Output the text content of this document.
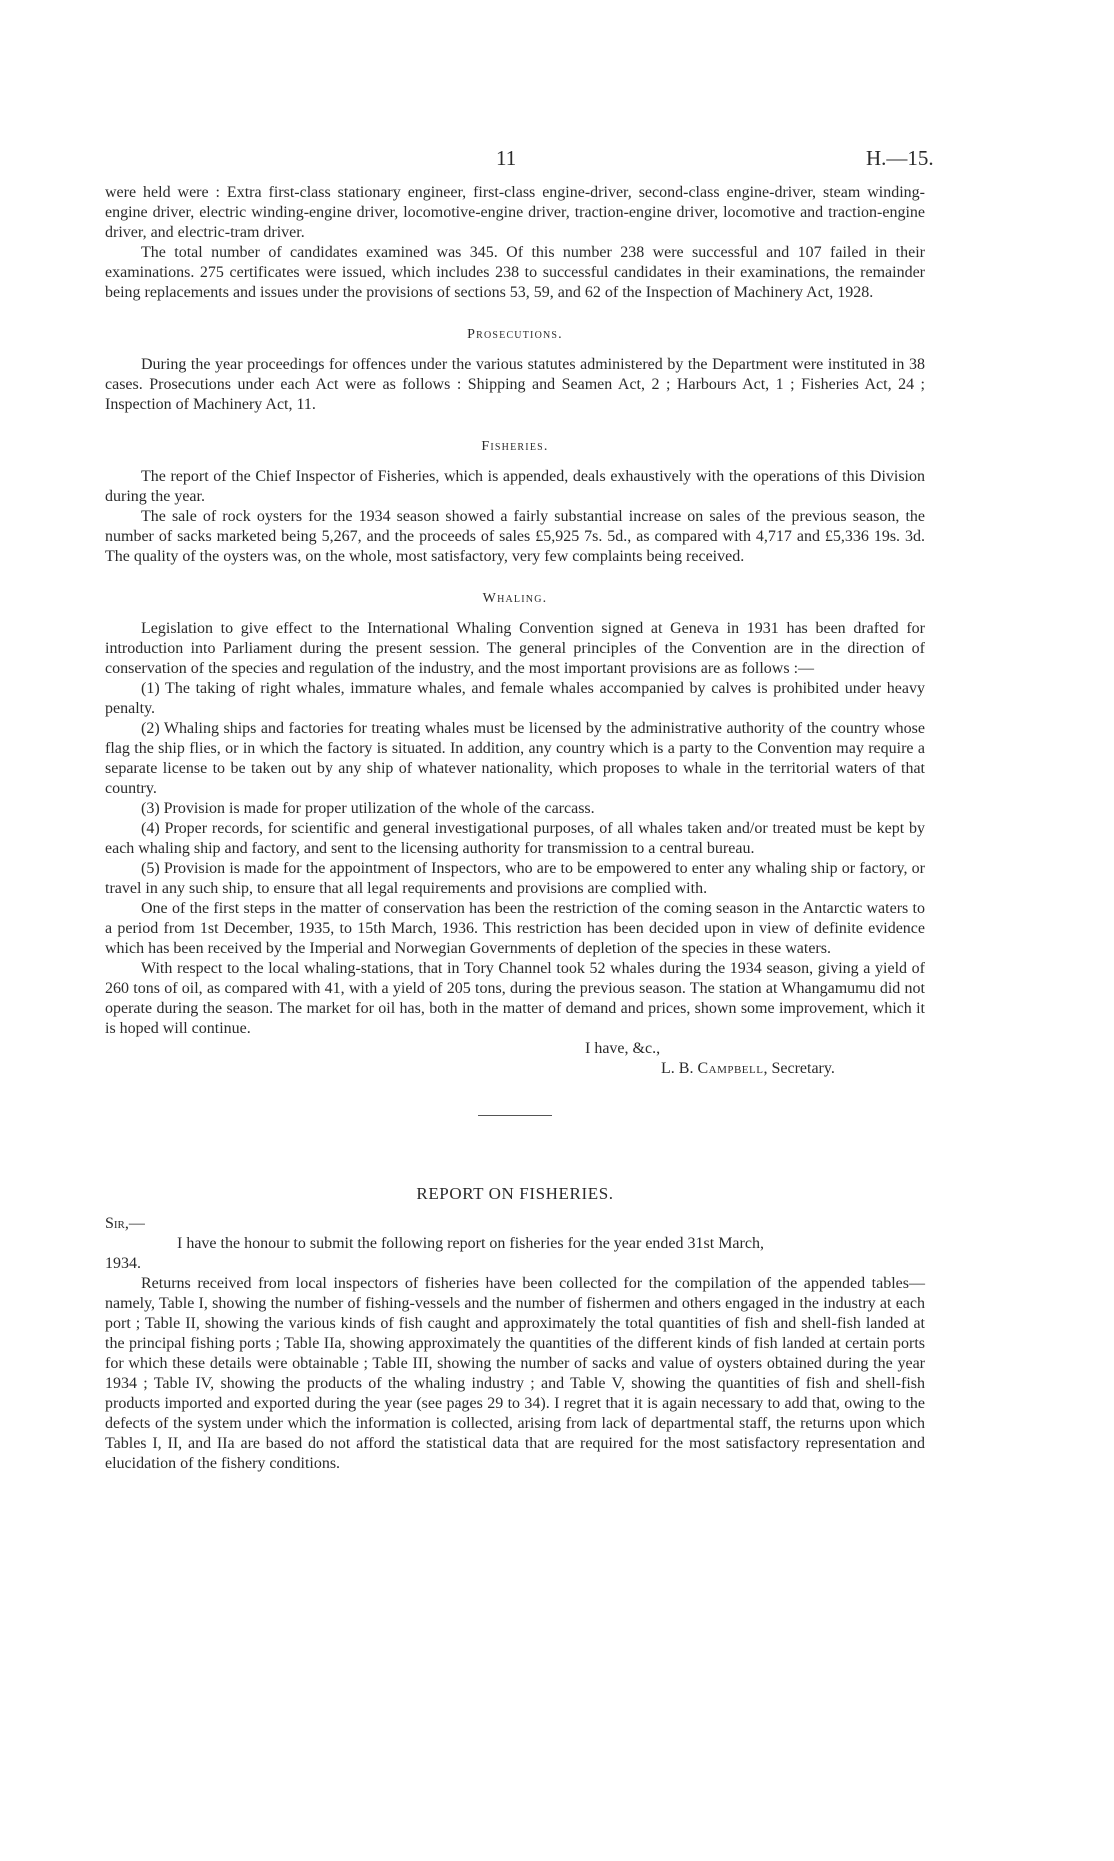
11	H.—15.

were held were : Extra first-class stationary engineer, first-class engine-driver, second-class engine-driver, steam winding-engine driver, electric winding-engine driver, locomotive-engine driver, traction-engine driver, locomotive and traction-engine driver, and electric-tram driver.

The total number of candidates examined was 345. Of this number 238 were successful and 107 failed in their examinations. 275 certificates were issued, which includes 238 to successful candidates in their examinations, the remainder being replacements and issues under the provisions of sections 53, 59, and 62 of the Inspection of Machinery Act, 1928.

Prosecutions.

During the year proceedings for offences under the various statutes administered by the Department were instituted in 38 cases. Prosecutions under each Act were as follows : Shipping and Seamen Act, 2 ; Harbours Act, 1 ; Fisheries Act, 24 ; Inspection of Machinery Act, 11.

Fisheries.

The report of the Chief Inspector of Fisheries, which is appended, deals exhaustively with the operations of this Division during the year.

The sale of rock oysters for the 1934 season showed a fairly substantial increase on sales of the previous season, the number of sacks marketed being 5,267, and the proceeds of sales £5,925 7s. 5d., as compared with 4,717 and £5,336 19s. 3d. The quality of the oysters was, on the whole, most satisfactory, very few complaints being received.

Whaling.

Legislation to give effect to the International Whaling Convention signed at Geneva in 1931 has been drafted for introduction into Parliament during the present session. The general principles of the Convention are in the direction of conservation of the species and regulation of the industry, and the most important provisions are as follows :—

(1) The taking of right whales, immature whales, and female whales accompanied by calves is prohibited under heavy penalty.

(2) Whaling ships and factories for treating whales must be licensed by the administrative authority of the country whose flag the ship flies, or in which the factory is situated. In addition, any country which is a party to the Convention may require a separate license to be taken out by any ship of whatever nationality, which proposes to whale in the territorial waters of that country.

(3) Provision is made for proper utilization of the whole of the carcass.

(4) Proper records, for scientific and general investigational purposes, of all whales taken and/or treated must be kept by each whaling ship and factory, and sent to the licensing authority for transmission to a central bureau.

(5) Provision is made for the appointment of Inspectors, who are to be empowered to enter any whaling ship or factory, or travel in any such ship, to ensure that all legal requirements and provisions are complied with.

One of the first steps in the matter of conservation has been the restriction of the coming season in the Antarctic waters to a period from 1st December, 1935, to 15th March, 1936. This restriction has been decided upon in view of definite evidence which has been received by the Imperial and Norwegian Governments of depletion of the species in these waters.

With respect to the local whaling-stations, that in Tory Channel took 52 whales during the 1934 season, giving a yield of 260 tons of oil, as compared with 41, with a yield of 205 tons, during the previous season. The station at Whangamumu did not operate during the season. The market for oil has, both in the matter of demand and prices, shown some improvement, which it is hoped will continue.

I have, &c.,

L. B. Campbell, Secretary.

REPORT ON FISHERIES.

Sir,—

I have the honour to submit the following report on fisheries for the year ended 31st March,

1934.

Returns received from local inspectors of fisheries have been collected for the compilation of the appended tables—namely, Table I, showing the number of fishing-vessels and the number of fishermen and others engaged in the industry at each port ; Table II, showing the various kinds of fish caught and approximately the total quantities of fish and shell-fish landed at the principal fishing ports ; Table IIa, showing approximately the quantities of the different kinds of fish landed at certain ports for which these details were obtainable ; Table III, showing the number of sacks and value of oysters obtained during the year 1934 ; Table IV, showing the products of the whaling industry ; and Table V, showing the quantities of fish and shell-fish products imported and exported during the year (see pages 29 to 34). I regret that it is again necessary to add that, owing to the defects of the system under which the information is collected, arising from lack of departmental staff, the returns upon which Tables I, II, and IIa are based do not afford the statistical data that are required for the most satisfactory representation and elucidation of the fishery conditions.
